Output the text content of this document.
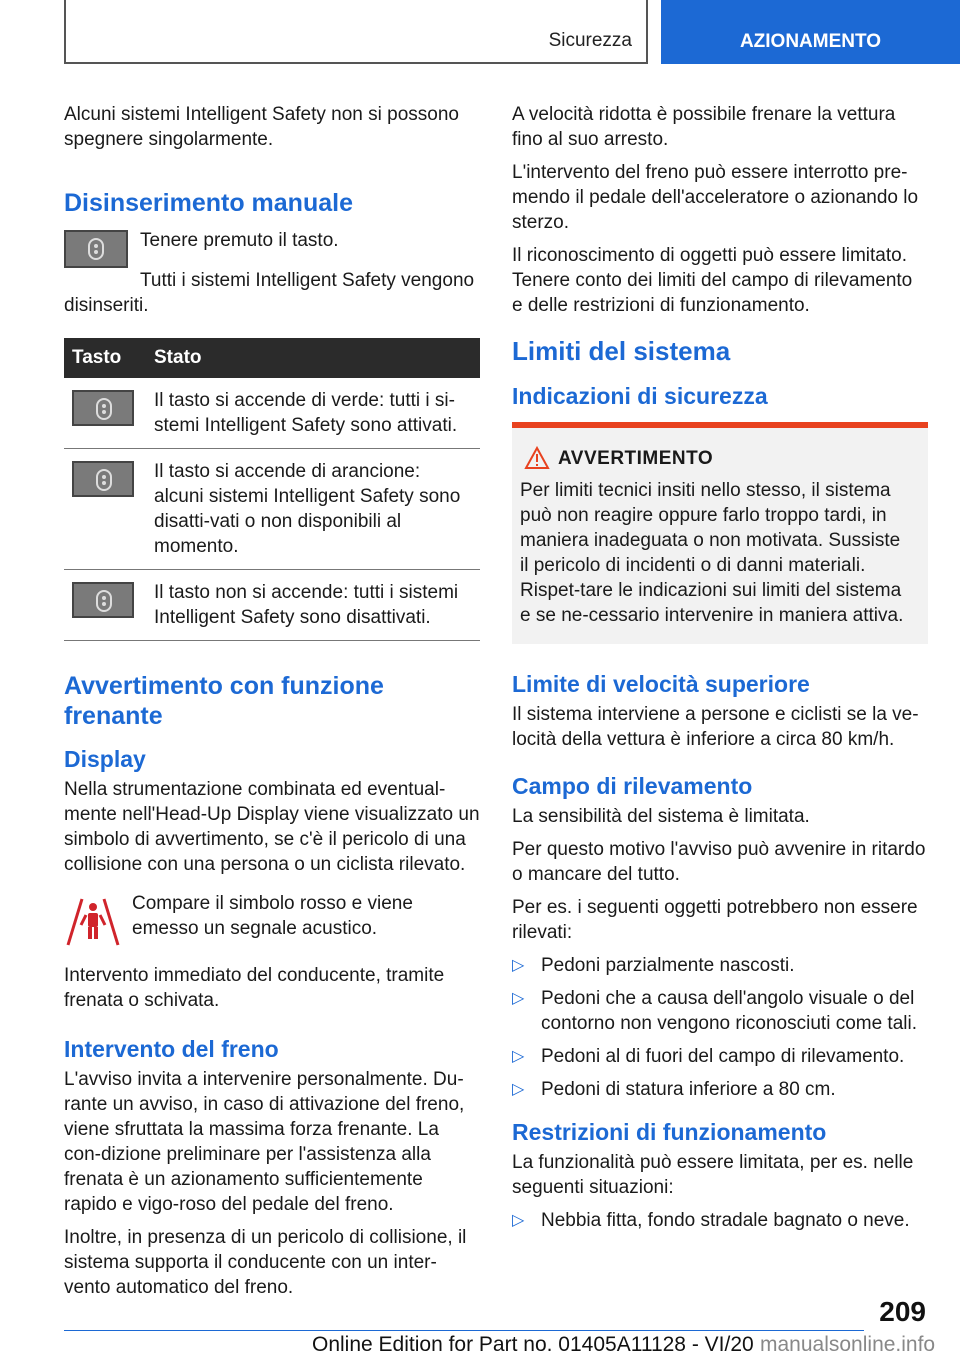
Sicurezza	AZIONAMENTO

Alcuni sistemi Intelligent Safety non si possono spegnere singolarmente.

Disinserimento manuale

Tenere premuto il tasto.

Tutti i sistemi Intelligent Safety vengono disinseriti.

Tasto	Stato

	Il tasto si accende di verde: tutti i si-stemi Intelligent Safety sono attivati.

	Il tasto si accende di arancione: alcuni sistemi Intelligent Safety sono disatti-vati o non disponibili al momento.

	Il tasto non si accende: tutti i sistemi Intelligent Safety sono disattivati.
Avvertimento con funzione frenante
Display

Nella strumentazione combinata ed eventual-mente nell'Head-Up Display viene visualizzato un simbolo di avvertimento, se c'è il pericolo di una collisione con una persona o un ciclista rilevato.

Compare il simbolo rosso e viene emesso un segnale acustico.

Intervento immediato del conducente, tramite frenata o schivata.

Intervento del freno

L'avviso invita a intervenire personalmente. Du-rante un avviso, in caso di attivazione del freno, viene sfruttata la massima forza frenante. La con-dizione preliminare per l'assistenza alla frenata è un azionamento sufficientemente rapido e vigo-roso del pedale del freno.

Inoltre, in presenza di un pericolo di collisione, il sistema supporta il conducente con un inter-vento automatico del freno.

A velocità ridotta è possibile frenare la vettura fino al suo arresto.

L'intervento del freno può essere interrotto pre-mendo il pedale dell'acceleratore o azionando lo sterzo.

Il riconoscimento di oggetti può essere limitato. Tenere conto dei limiti del campo di rilevamento e delle restrizioni di funzionamento.

Limiti del sistema
Indicazioni di sicurezza
AVVERTIMENTO

Per limiti tecnici insiti nello stesso, il sistema può non reagire oppure farlo troppo tardi, in maniera inadeguata o non motivata. Sussiste il pericolo di incidenti o di danni materiali. Rispet-tare le indicazioni sui limiti del sistema e se ne-cessario intervenire in maniera attiva.

Limite di velocità superiore

Il sistema interviene a persone e ciclisti se la ve-locità della vettura è inferiore a circa 80 km/h.

Campo di rilevamento

La sensibilità del sistema è limitata.

Per questo motivo l'avviso può avvenire in ritardo o mancare del tutto.

Per es. i seguenti oggetti potrebbero non essere rilevati:

▷ Pedoni parzialmente nascosti.
▷ Pedoni che a causa dell'angolo visuale o del contorno non vengono riconosciuti come tali.
▷ Pedoni al di fuori del campo di rilevamento.
▷ Pedoni di statura inferiore a 80 cm.
Restrizioni di funzionamento

La funzionalità può essere limitata, per es. nelle seguenti situazioni:

▷ Nebbia fitta, fondo stradale bagnato o neve.
209
Online Edition for Part no. 01405A11128 - VI/20 manualsonline.info
